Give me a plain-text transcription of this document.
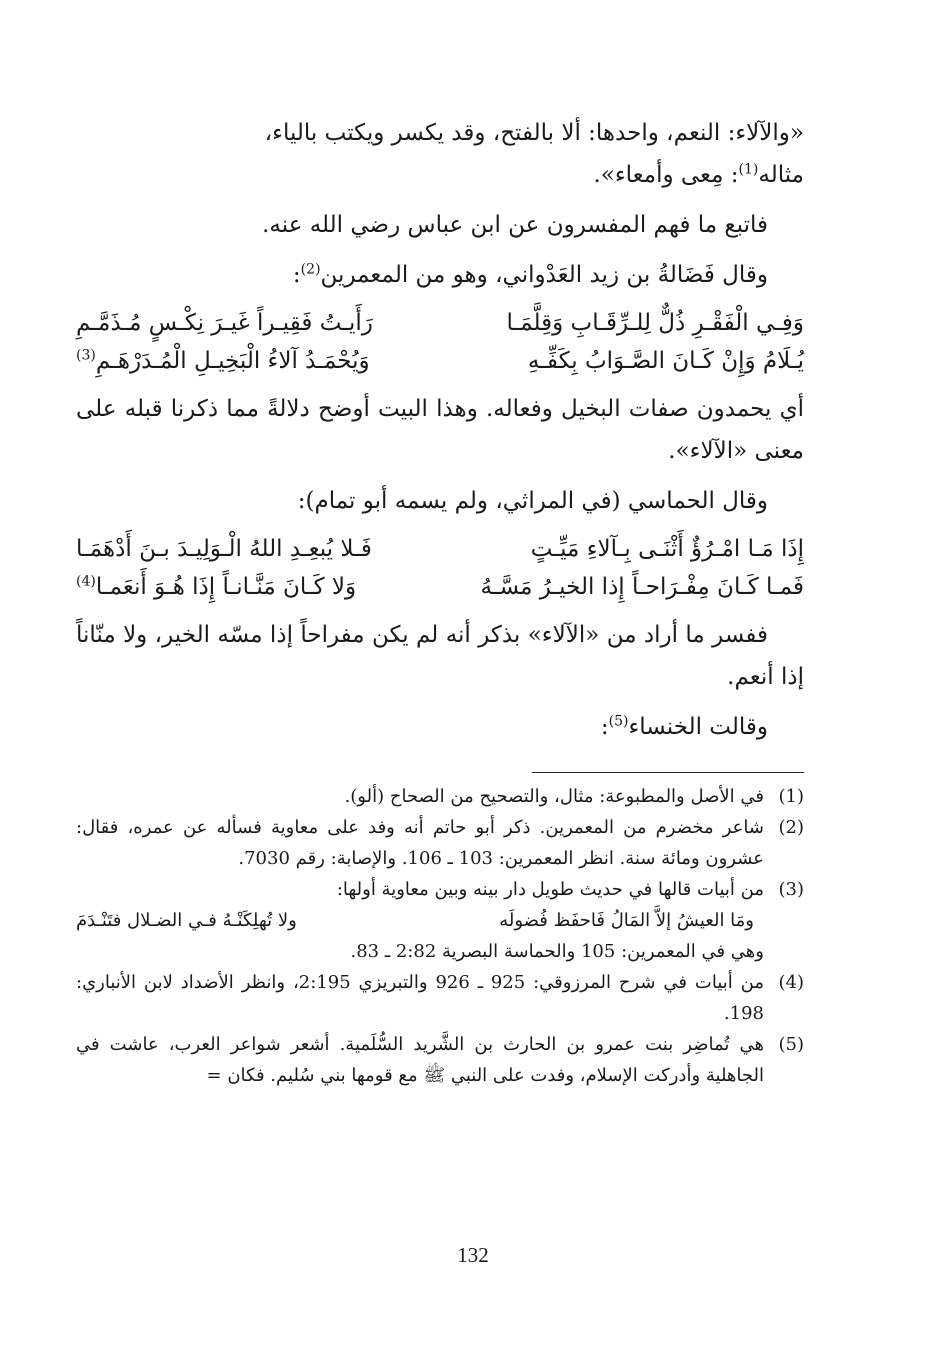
«والآلاء: النعم، واحدها: ألا بالفتح، وقد يكسر ويكتب بالياء،
مثاله$^{(1)}$: مِعى وأمعاء».

فاتبع ما فهم المفسرون عن ابن عباس رضي الله عنه.

وقال فَضَالةُ بن زيد العَدْواني، وهو من المعمرين$^{(2)}$:

وَفِـي الْفَقْـرِ ذُلٌّ لِلـرِّقَـابِ وَقِلَّمَـا
رَأَيـتُ فَقِيـراً غَيـرَ نِكْـسٍ مُـذَمَّـمِ
يُـلَامُ وَإِنْ كَـانَ الصَّـوَابُ بِكَفِّـهِ
وَيُحْمَـدُ آلاءُ الْبَخِيـلِ الْمُـدَرْهَـمِ$^{(3)}$

أي يحمدون صفات البخيل وفعاله. وهذا البيت أوضح دلالةً مما ذكرنا قبله على معنى «الآلاء».

وقال الحماسي (في المراثي، ولم يسمه أبو تمام):

إِذَا مَـا امْـرُؤٌ أَثْنَـى بِـآلاءِ مَيِّـتٍ
فَـلا يُبعِـدِ اللهُ الْـوَلِيـدَ بـنَ أَدْهَمَـا
فَمـا كَـانَ مِفْـرَاحـاً إِذا الخيـرُ مَسَّـهُ
وَلا كَـانَ مَنَّـانـاً إِذَا هُـوَ أَنعَمـا$^{(4)}$

ففسر ما أراد من «الآلاء» بذكر أنه لم يكن مفراحاً إذا مسّه الخير، ولا منّاناً إذا أنعم.

وقالت الخنساء$^{(5)}$:

(1)
في الأصل والمطبوعة: مثال، والتصحيح من الصحاح (ألو).
(2)
شاعر مخضرم من المعمرين. ذكر أبو حاتم أنه وفد على معاوية فسأله عن عمره، فقال: عشرون ومائة سنة. انظر المعمرين: 103 ـ 106. والإصابة: رقم 7030.
(3)
من أبيات قالها في حديث طويل دار بينه وبين معاوية أولها:
ومَا العيشُ إلاَّ المَالُ فَاحفَظ فُضولَه
ولا تُهلِكَنْـهُ فـي الضـلال فتَنْـدَمَ
وهي في المعمرين: 105 والحماسة البصرية 2:82 ـ 83.
(4)
من أبيات في شرح المرزوقي: 925 ـ 926 والتبريزي 2:195، وانظر الأضداد لابن الأنباري: 198.
(5)
هي تُماضِر بنت عمرو بن الحارث بن الشَّريد السُّلَمية. أشعر شواعر العرب، عاشت في الجاهلية وأدركت الإسلام، وفدت على النبي ﷺ مع قومها بني سُليم. فكان =
132
